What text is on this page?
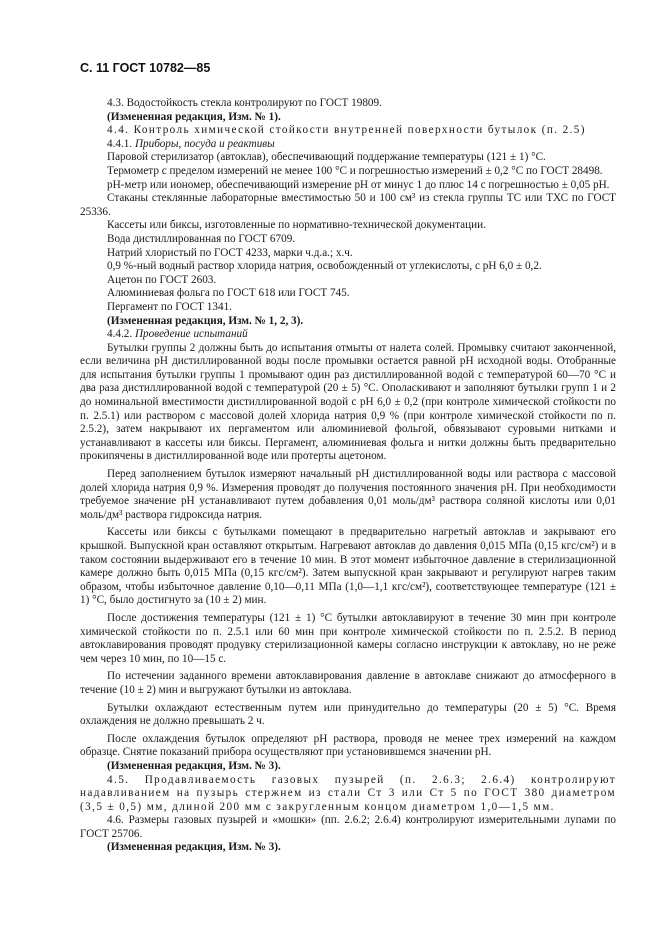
С. 11 ГОСТ 10782—85

4.3. Водостойкость стекла контролируют по ГОСТ 19809.

(Измененная редакция, Изм. № 1).

4.4. Контроль химической стойкости внутренней поверхности бутылок (п. 2.5)

4.4.1. Приборы, посуда и реактивы

Паровой стерилизатор (автоклав), обеспечивающий поддержание температуры (121 ± 1) °С.

Термометр с пределом измерений не менее 100 °С и погрешностью измерений ± 0,2 °С по ГОСТ 28498.

рН-метр или иономер, обеспечивающий измерение рН от минус 1 до плюс 14 с погрешностью ± 0,05 рН.

Стаканы стеклянные лабораторные вместимостью 50 и 100 см³ из стекла группы ТС или ТХС по ГОСТ 25336.

Кассеты или биксы, изготовленные по нормативно-технической документации.

Вода дистиллированная по ГОСТ 6709.

Натрий хлористый по ГОСТ 4233, марки ч.д.а.; х.ч.

0,9 %-ный водный раствор хлорида натрия, освобожденный от углекислоты, с рН 6,0 ± 0,2.

Ацетон по ГОСТ 2603.

Алюминиевая фольга по ГОСТ 618 или ГОСТ 745.

Пергамент по ГОСТ 1341.

(Измененная редакция, Изм. № 1, 2, 3).

4.4.2. Проведение испытаний

Бутылки группы 2 должны быть до испытания отмыты от налета солей. Промывку считают законченной, если величина рН дистиллированной воды после промывки остается равной рН исходной воды. Отобранные для испытания бутылки группы 1 промывают один раз дистиллированной водой с температурой 60—70 °С и два раза дистиллированной водой с температурой (20 ± 5) °С. Ополаскивают и заполняют бутылки групп 1 и 2 до номинальной вместимости дистиллированной водой с рН 6,0 ± 0,2 (при контроле химической стойкости по п. 2.5.1) или раствором с массовой долей хлорида натрия 0,9 % (при контроле химической стойкости по п. 2.5.2), затем накрывают их пергаментом или алюминиевой фольгой, обвязывают суровыми нитками и устанавливают в кассеты или биксы. Пергамент, алюминиевая фольга и нитки должны быть предварительно прокипячены в дистиллированной воде или протерты ацетоном.

Перед заполнением бутылок измеряют начальный рН дистиллированной воды или раствора с массовой долей хлорида натрия 0,9 %. Измерения проводят до получения постоянного значения рН. При необходимости требуемое значение рН устанавливают путем добавления 0,01 моль/дм³ раствора соляной кислоты или 0,01 моль/дм³ раствора гидроксида натрия.

Кассеты или биксы с бутылками помещают в предварительно нагретый автоклав и закрывают его крышкой. Выпускной кран оставляют открытым. Нагревают автоклав до давления 0,015 МПа (0,15 кгс/см²) и в таком состоянии выдерживают его в течение 10 мин. В этот момент избыточное давление в стерилизационной камере должно быть 0,015 МПа (0,15 кгс/см²). Затем выпускной кран закрывают и регулируют нагрев таким образом, чтобы избыточное давление 0,10—0,11 МПа (1,0—1,1 кгс/см²), соответствующее температуре (121 ± 1) °С, было достигнуто за (10 ± 2) мин.

После достижения температуры (121 ± 1) °С бутылки автоклавируют в течение 30 мин при контроле химической стойкости по п. 2.5.1 или 60 мин при контроле химической стойкости по п. 2.5.2. В период автоклавирования проводят продувку стерилизационной камеры согласно инструкции к автоклаву, но не реже чем через 10 мин, по 10—15 с.

По истечении заданного времени автоклавирования давление в автоклаве снижают до атмосферного в течение (10 ± 2) мин и выгружают бутылки из автоклава.

Бутылки охлаждают естественным путем или принудительно до температуры (20 ± 5) °С. Время охлаждения не должно превышать 2 ч.

После охлаждения бутылок определяют рН раствора, проводя не менее трех измерений на каждом образце. Снятие показаний прибора осуществляют при установившемся значении рН.

(Измененная редакция, Изм. № 3).

4.5. Продавливаемость газовых пузырей (п. 2.6.3; 2.6.4) контролируют надавливанием на пузырь стержнем из стали Ст 3 или Ст 5 по ГОСТ 380 диаметром (3,5 ± 0,5) мм, длиной 200 мм с закругленным концом диаметром 1,0—1,5 мм.

4.6. Размеры газовых пузырей и «мошки» (пп. 2.6.2; 2.6.4) контролируют измерительными лупами по ГОСТ 25706.

(Измененная редакция, Изм. № 3).
